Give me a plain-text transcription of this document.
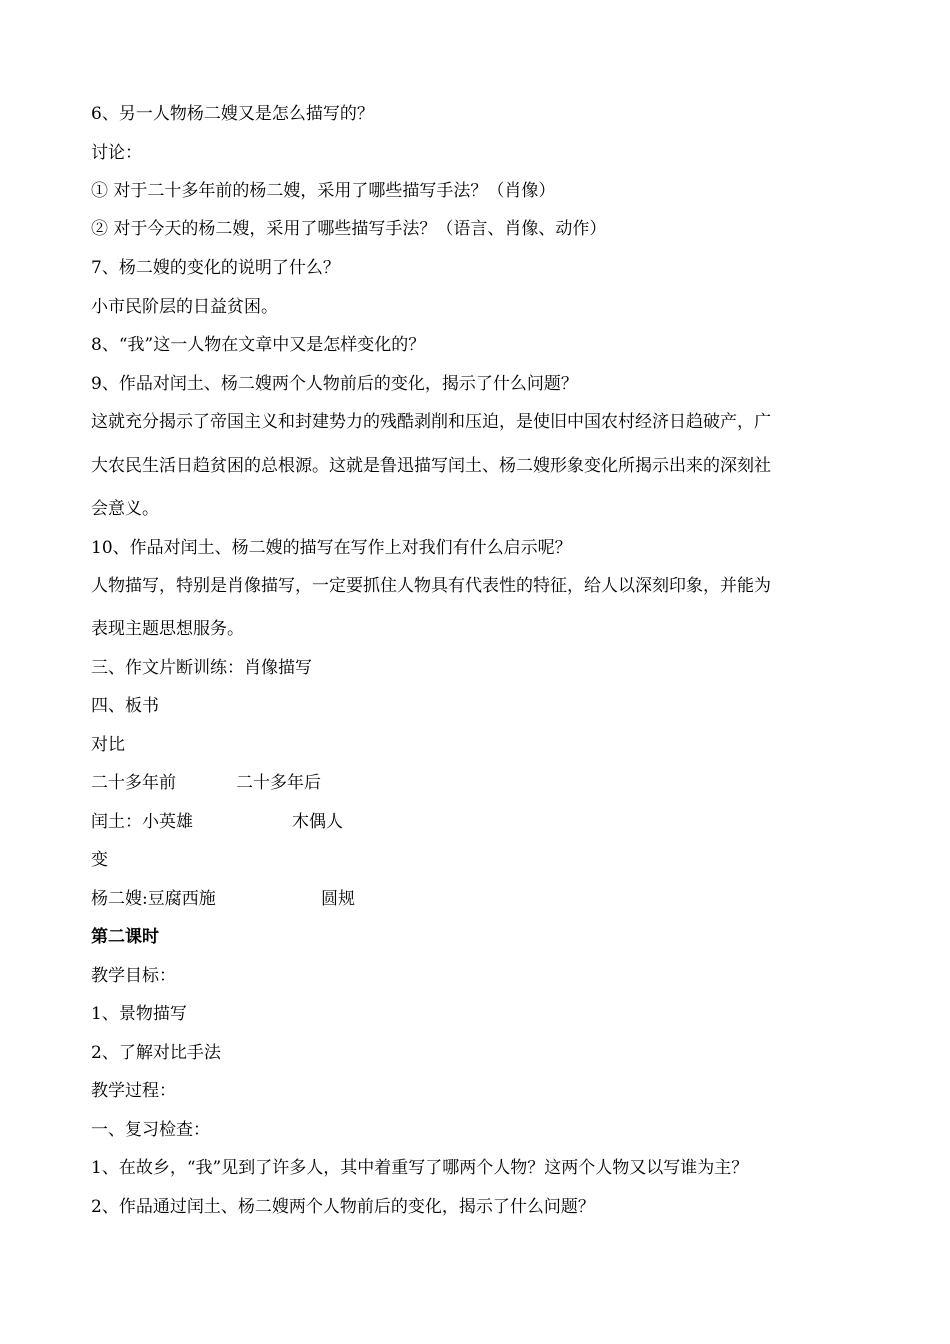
6、另一人物杨二嫂又是怎么描写的？
讨论：
① 对于二十多年前的杨二嫂，采用了哪些描写手法？（肖像）
② 对于今天的杨二嫂，采用了哪些描写手法？（语言、肖像、动作）
7、杨二嫂的变化的说明了什么？
小市民阶层的日益贫困。
8、“我”这一人物在文章中又是怎样变化的？
9、作品对闰土、杨二嫂两个人物前后的变化，揭示了什么问题？
这就充分揭示了帝国主义和封建势力的残酷剥削和压迫，是使旧中国农村经济日趋破产，广
大农民生活日趋贫困的总根源。这就是鲁迅描写闰土、杨二嫂形象变化所揭示出来的深刻社
会意义。
10、作品对闰土、杨二嫂的描写在写作上对我们有什么启示呢？
人物描写，特别是肖像描写，一定要抓住人物具有代表性的特征，给人以深刻印象，并能为
表现主题思想服务。
三、作文片断训练：肖像描写
四、板书
对比
二十多年前	二十多年后
闰土：小英雄	木偶人
变
杨二嫂:豆腐西施	圆规
第二课时
教学目标：
1、景物描写
2、了解对比手法
教学过程：
一、复习检查：
1、在故乡，“我”见到了许多人，其中着重写了哪两个人物？这两个人物又以写谁为主？
2、作品通过闰土、杨二嫂两个人物前后的变化，揭示了什么问题？
